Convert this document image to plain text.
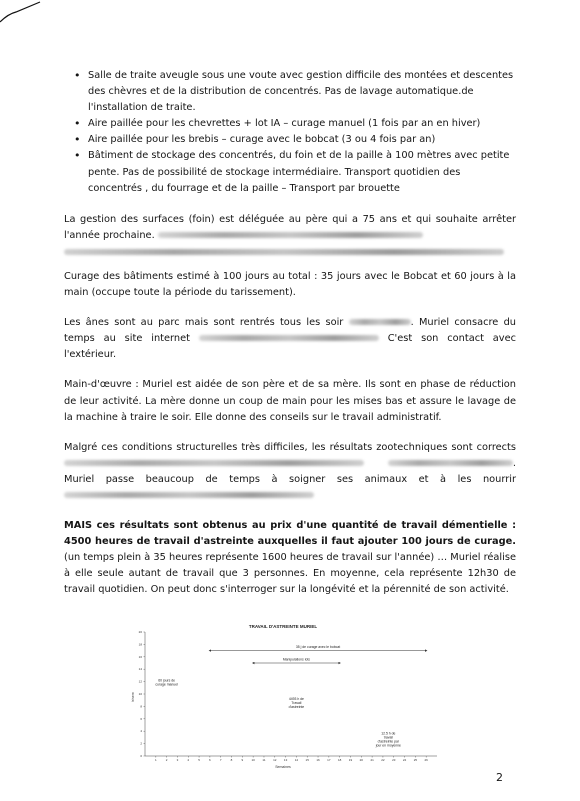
• Salle de traite aveugle sous une voute avec gestion difficile des montées et descentes des chèvres et de la distribution de concentrés. Pas de lavage automatique.de l'installation de traite.
• Aire paillée pour les chevrettes + lot IA – curage manuel (1 fois par an en hiver)
• Aire paillée pour les brebis – curage avec le bobcat (3 ou 4 fois par an)
• Bâtiment de stockage des concentrés, du foin et de la paille à 100 mètres avec petite pente. Pas de possibilité de stockage intermédiaire. Transport quotidien des concentrés , du fourrage et de la paille – Transport par brouette

La gestion des surfaces (foin) est déléguée au père qui a 75 ans et qui souhaite arrêter l'année prochaine.

Curage des bâtiments estimé à 100 jours au total : 35 jours avec le Bobcat et 60 jours à la main (occupe toute la période du tarissement).

Les ânes sont au parc mais sont rentrés tous les soir	. Muriel consacre du temps au site internet	C'est son contact avec l'extérieur.

Main-d'œuvre : Muriel est aidée de son père et de sa mère. Ils sont en phase de réduction de leur activité. La mère donne un coup de main pour les mises bas et assure le lavage de la machine à traire le soir. Elle donne des conseils sur le travail administratif.

Malgré ces conditions structurelles très difficiles, les résultats zootechniques sont corrects  . Muriel passe beaucoup de temps à soigner ses animaux et à les nourrir

MAIS ces résultats sont obtenus au prix d'une quantité de travail démentielle : 4500 heures de travail d'astreinte auxquelles il faut ajouter 100 jours de curage. (un temps plein à 35 heures représente 1600 heures de travail sur l'année) … Muriel réalise à elle seule autant de travail que 3 personnes. En moyenne, cela représente 12h30 de travail quotidien. On peut donc s'interroger sur la longévité et la pérennité de son activité.

TRAVAIL D'ASTREINTE MURIEL
h/sem
Semaines
1	2	3	4	5	6	7	8	9	10	11	12 13 14 15 16 17 18 19 20 21 22 23 24 25 26
0
2
4
6
8
10
12
14
16
18
20
35 j de curage avec le bobcat
Manipulations lots
60 jours de curage manuel
4493 h de Travail d'astreinte
12.5 h de travail d'astreinte par jour en moyenne
2
